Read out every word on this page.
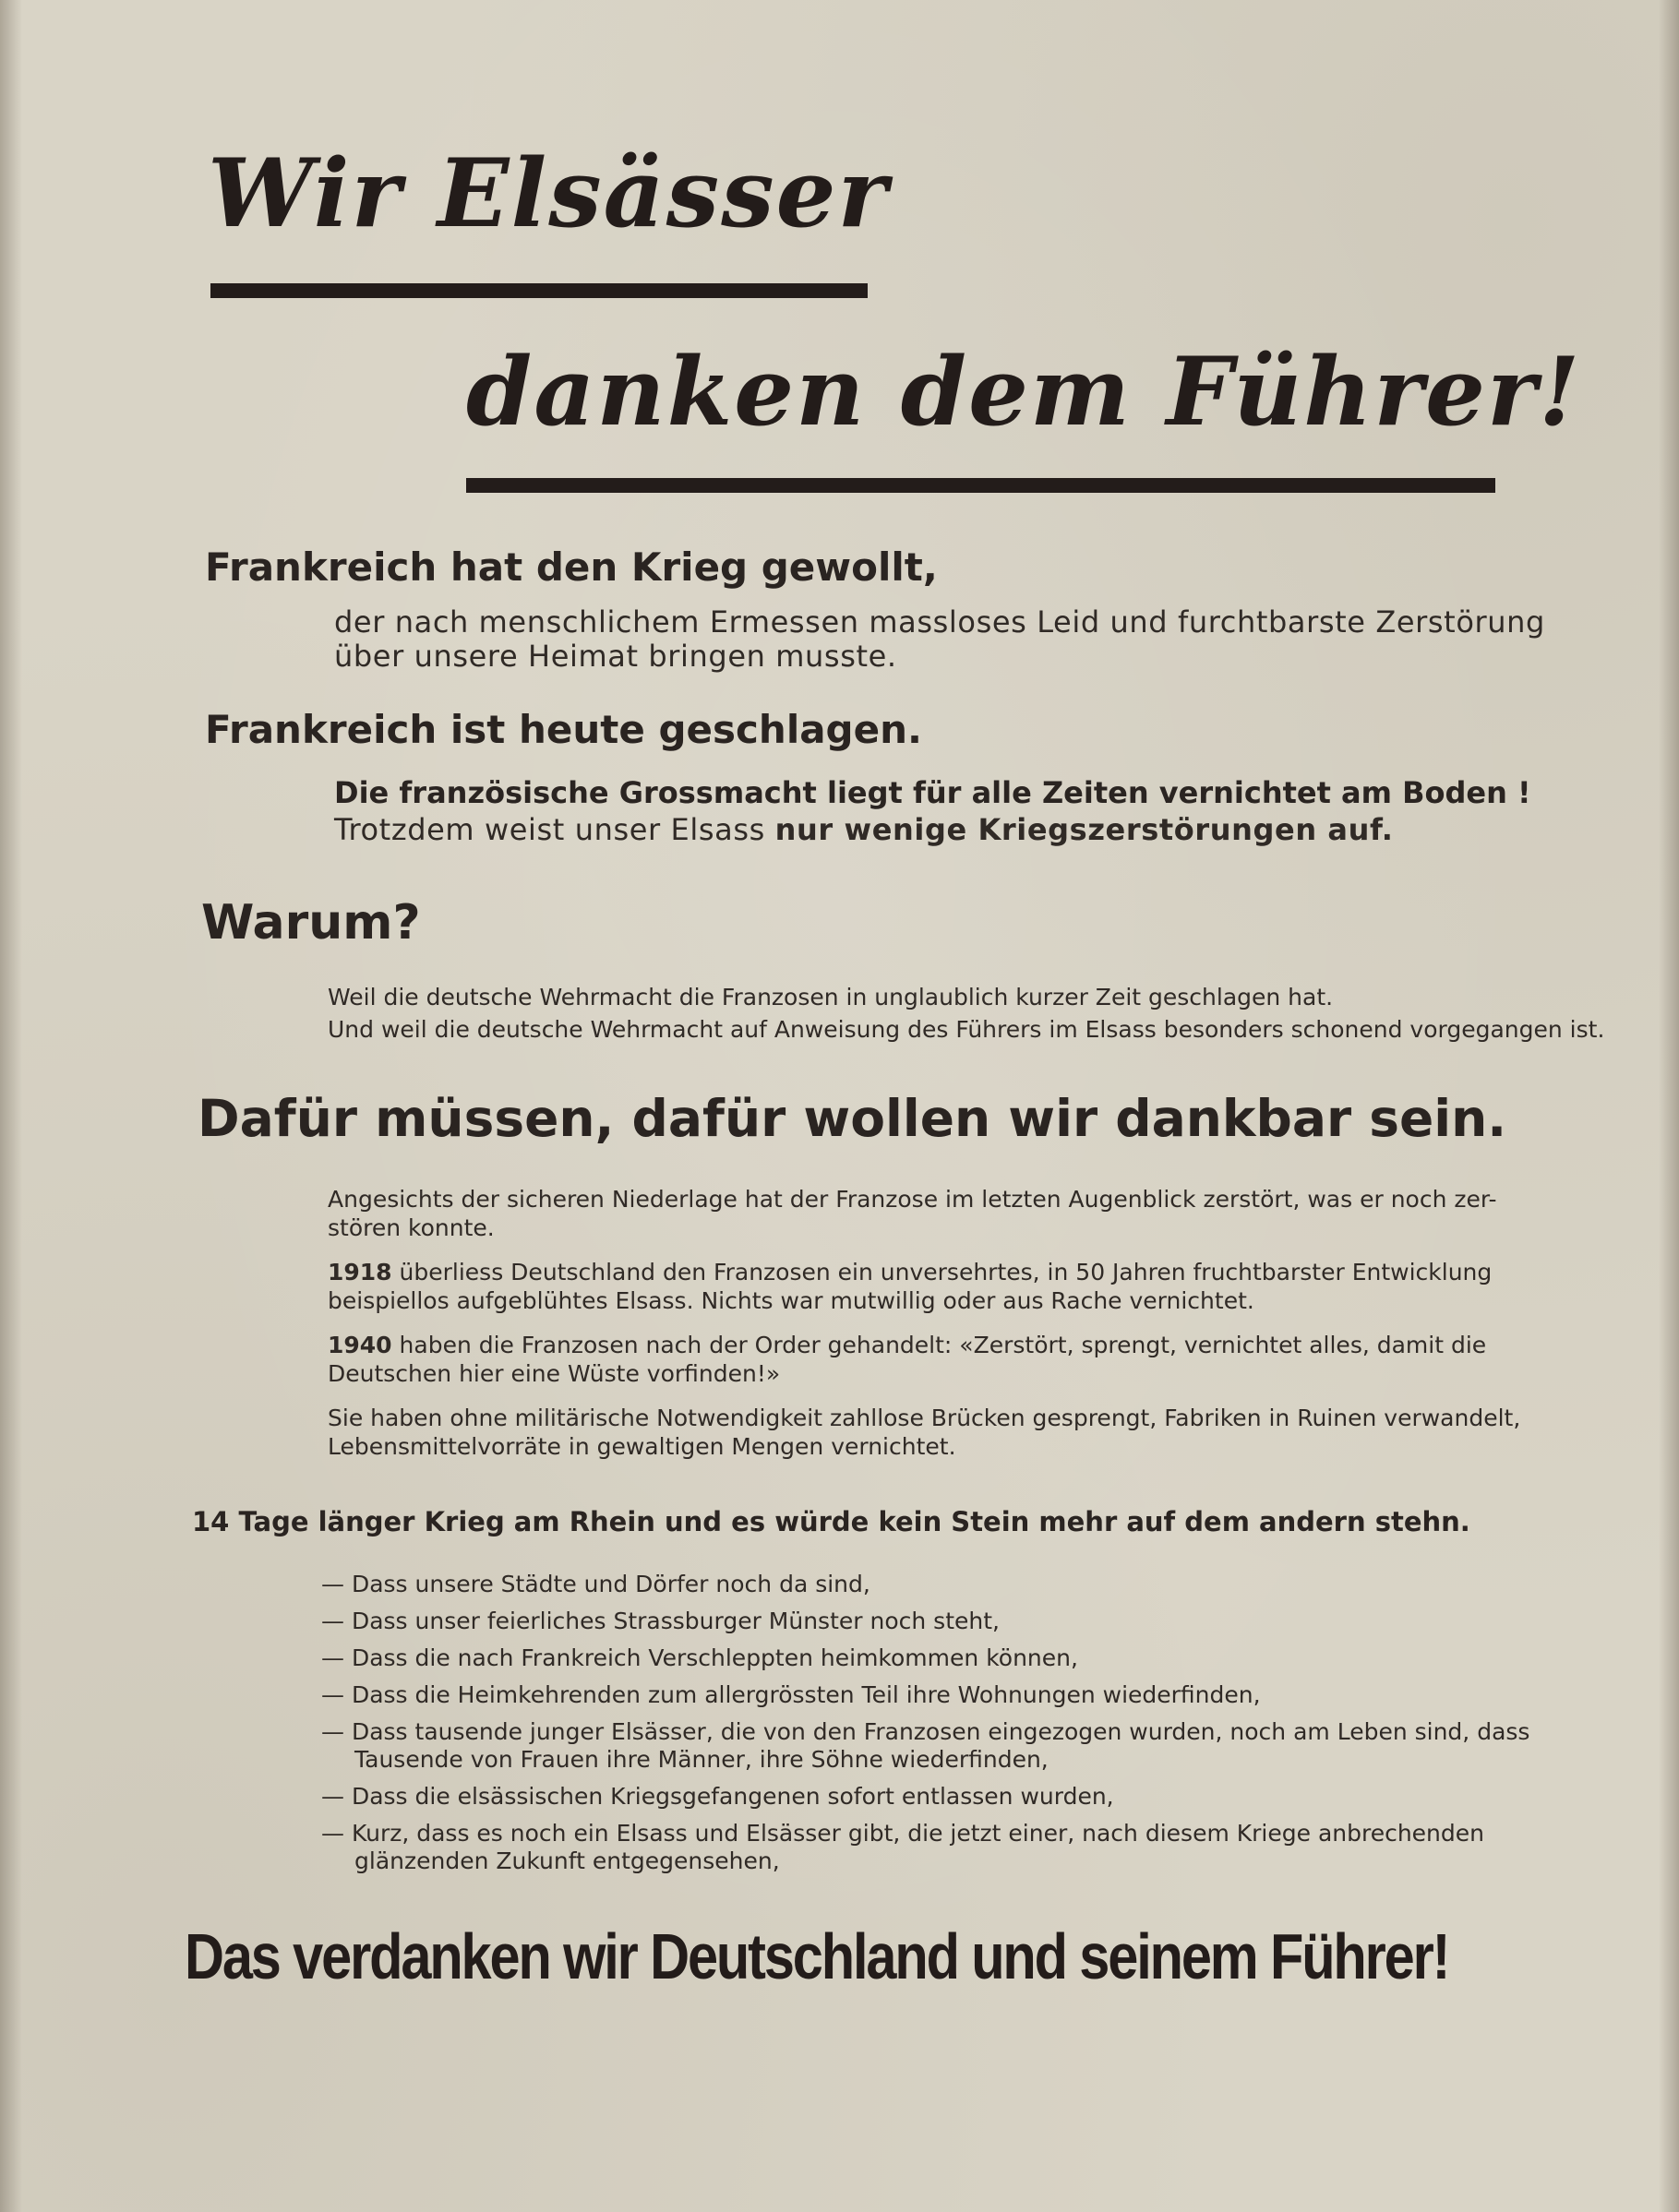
Wir Elsässer
danken dem Führer!
Frankreich hat den Krieg gewollt,
der nach menschlichem Ermessen massloses Leid und furchtbarste Zerstörung
über unsere Heimat bringen musste.
Frankreich ist heute geschlagen.
Die französische Grossmacht liegt für alle Zeiten vernichtet am Boden !
Trotzdem weist unser Elsass nur wenige Kriegszerstörungen auf.
Warum?
Weil die deutsche Wehrmacht die Franzosen in unglaublich kurzer Zeit geschlagen hat.
Und weil die deutsche Wehrmacht auf Anweisung des Führers im Elsass besonders schonend vorgegangen ist.
Dafür müssen, dafür wollen wir dankbar sein.
Angesichts der sicheren Niederlage hat der Franzose im letzten Augenblick zerstört, was er noch zer-
stören konnte.
1918 überliess Deutschland den Franzosen ein unversehrtes, in 50 Jahren fruchtbarster Entwicklung
beispiellos aufgeblühtes Elsass. Nichts war mutwillig oder aus Rache vernichtet.
1940 haben die Franzosen nach der Order gehandelt: «Zerstört, sprengt, vernichtet alles, damit die
Deutschen hier eine Wüste vorfinden!»
Sie haben ohne militärische Notwendigkeit zahllose Brücken gesprengt, Fabriken in Ruinen verwandelt,
Lebensmittelvorräte in gewaltigen Mengen vernichtet.
14 Tage länger Krieg am Rhein und es würde kein Stein mehr auf dem andern stehn.
— Dass unsere Städte und Dörfer noch da sind,
— Dass unser feierliches Strassburger Münster noch steht,
— Dass die nach Frankreich Verschleppten heimkommen können,
— Dass die Heimkehrenden zum allergrössten Teil ihre Wohnungen wiederfinden,
— Dass tausende junger Elsässer, die von den Franzosen eingezogen wurden, noch am Leben sind, dass
Tausende von Frauen ihre Männer, ihre Söhne wiederfinden,
— Dass die elsässischen Kriegsgefangenen sofort entlassen wurden,
— Kurz, dass es noch ein Elsass und Elsässer gibt, die jetzt einer, nach diesem Kriege anbrechenden
glänzenden Zukunft entgegensehen,
Das verdanken wir Deutschland und seinem Führer!
